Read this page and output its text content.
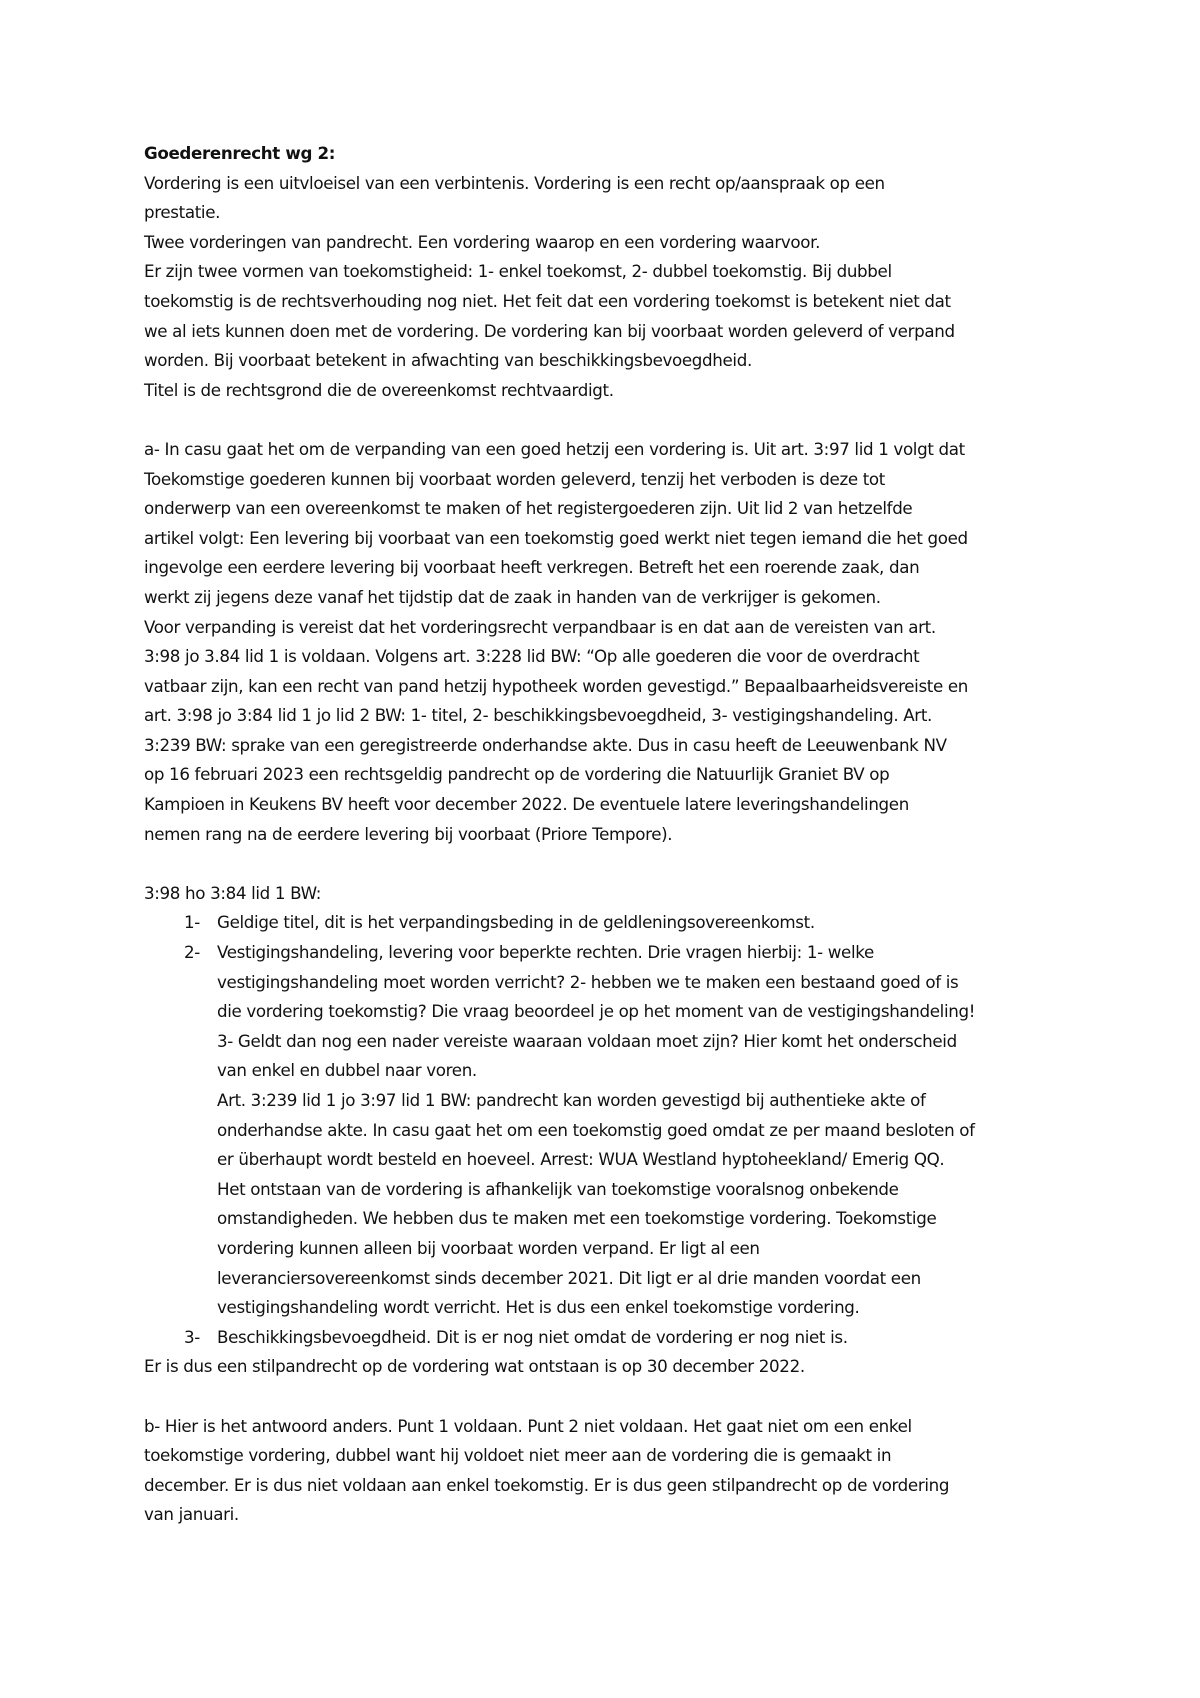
Goederenrecht wg 2:
Vordering is een uitvloeisel van een verbintenis. Vordering is een recht op/aanspraak op een
prestatie.
Twee vorderingen van pandrecht. Een vordering waarop en een vordering waarvoor.
Er zijn twee vormen van toekomstigheid: 1- enkel toekomst, 2- dubbel toekomstig. Bij dubbel
toekomstig is de rechtsverhouding nog niet. Het feit dat een vordering toekomst is betekent niet dat
we al iets kunnen doen met de vordering. De vordering kan bij voorbaat worden geleverd of verpand
worden. Bij voorbaat betekent in afwachting van beschikkingsbevoegdheid.
Titel is de rechtsgrond die de overeenkomst rechtvaardigt.
a- In casu gaat het om de verpanding van een goed hetzij een vordering is. Uit art. 3:97 lid 1 volgt dat
Toekomstige goederen kunnen bij voorbaat worden geleverd, tenzij het verboden is deze tot
onderwerp van een overeenkomst te maken of het registergoederen zijn. Uit lid 2 van hetzelfde
artikel volgt: Een levering bij voorbaat van een toekomstig goed werkt niet tegen iemand die het goed
ingevolge een eerdere levering bij voorbaat heeft verkregen. Betreft het een roerende zaak, dan
werkt zij jegens deze vanaf het tijdstip dat de zaak in handen van de verkrijger is gekomen.
Voor verpanding is vereist dat het vorderingsrecht verpandbaar is en dat aan de vereisten van art.
3:98 jo 3.84 lid 1 is voldaan. Volgens art. 3:228 lid BW: “Op alle goederen die voor de overdracht
vatbaar zijn, kan een recht van pand hetzij hypotheek worden gevestigd.” Bepaalbaarheidsvereiste en
art. 3:98 jo 3:84 lid 1 jo lid 2 BW: 1- titel, 2- beschikkingsbevoegdheid, 3- vestigingshandeling. Art.
3:239 BW: sprake van een geregistreerde onderhandse akte. Dus in casu heeft de Leeuwenbank NV
op 16 februari 2023 een rechtsgeldig pandrecht op de vordering die Natuurlijk Graniet BV op
Kampioen in Keukens BV heeft voor december 2022. De eventuele latere leveringshandelingen
nemen rang na de eerdere levering bij voorbaat (Priore Tempore).
3:98 ho 3:84 lid 1 BW:
1- Geldige titel, dit is het verpandingsbeding in de geldleningsovereenkomst.
2- Vestigingshandeling, levering voor beperkte rechten. Drie vragen hierbij: 1- welke
vestigingshandeling moet worden verricht? 2- hebben we te maken een bestaand goed of is
die vordering toekomstig? Die vraag beoordeel je op het moment van de vestigingshandeling!
3- Geldt dan nog een nader vereiste waaraan voldaan moet zijn? Hier komt het onderscheid
van enkel en dubbel naar voren.
Art. 3:239 lid 1 jo 3:97 lid 1 BW: pandrecht kan worden gevestigd bij authentieke akte of
onderhandse akte. In casu gaat het om een toekomstig goed omdat ze per maand besloten of
er überhaupt wordt besteld en hoeveel. Arrest: WUA Westland hyptoheekland/ Emerig QQ.
Het ontstaan van de vordering is afhankelijk van toekomstige vooralsnog onbekende
omstandigheden. We hebben dus te maken met een toekomstige vordering. Toekomstige
vordering kunnen alleen bij voorbaat worden verpand. Er ligt al een
leveranciersovereenkomst sinds december 2021. Dit ligt er al drie manden voordat een
vestigingshandeling wordt verricht. Het is dus een enkel toekomstige vordering.
3- Beschikkingsbevoegdheid. Dit is er nog niet omdat de vordering er nog niet is.
Er is dus een stilpandrecht op de vordering wat ontstaan is op 30 december 2022.
b- Hier is het antwoord anders. Punt 1 voldaan. Punt 2 niet voldaan. Het gaat niet om een enkel
toekomstige vordering, dubbel want hij voldoet niet meer aan de vordering die is gemaakt in
december. Er is dus niet voldaan aan enkel toekomstig. Er is dus geen stilpandrecht op de vordering
van januari.
